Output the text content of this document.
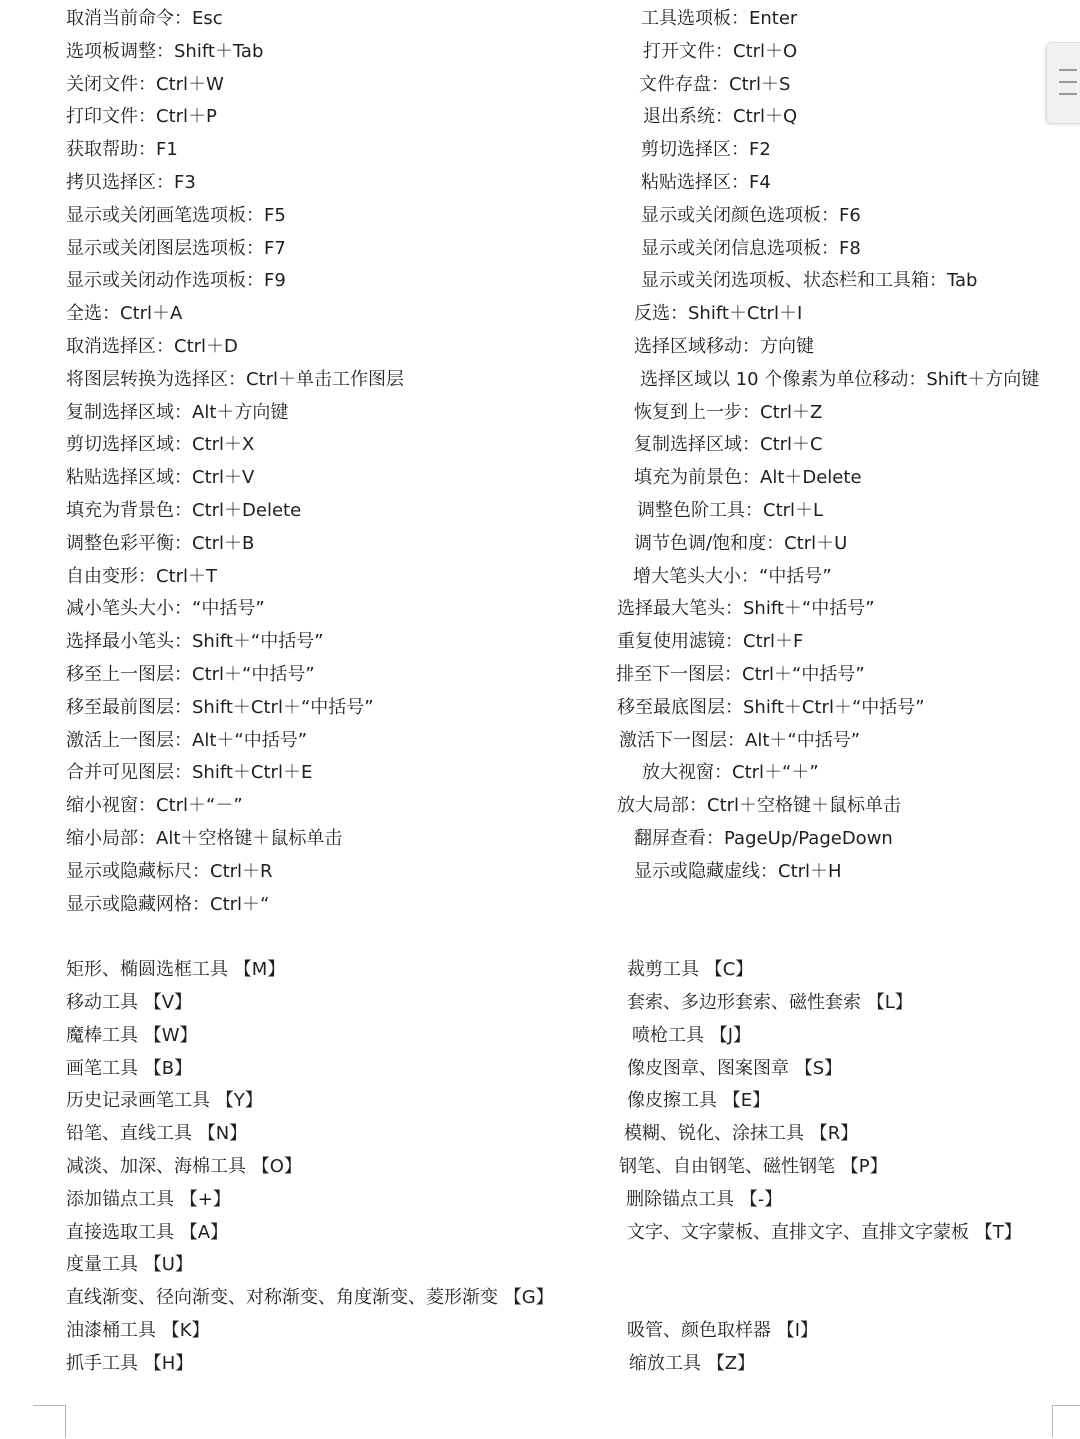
取消当前命令：Esc
选项板调整：Shift＋Tab
关闭文件：Ctrl＋W
打印文件：Ctrl＋P
获取帮助：F1
拷贝选择区：F3
显示或关闭画笔选项板：F5
显示或关闭图层选项板：F7
显示或关闭动作选项板：F9
全选：Ctrl＋A
取消选择区：Ctrl＋D
将图层转换为选择区：Ctrl＋单击工作图层
复制选择区域：Alt＋方向键
剪切选择区域：Ctrl＋X
粘贴选择区域：Ctrl＋V
填充为背景色：Ctrl＋Delete
调整色彩平衡：Ctrl＋B
自由变形：Ctrl＋T
减小笔头大小：“中括号”
选择最小笔头：Shift＋“中括号”
移至上一图层：Ctrl＋“中括号”
移至最前图层：Shift＋Ctrl＋“中括号”
激活上一图层：Alt＋“中括号”
合并可见图层：Shift＋Ctrl＋E
缩小视窗：Ctrl＋“－”
缩小局部：Alt＋空格键＋鼠标单击
显示或隐藏标尺：Ctrl＋R
显示或隐藏网格：Ctrl＋“
矩形、椭圆选框工具 【M】
移动工具 【V】
魔棒工具 【W】
画笔工具 【B】
历史记录画笔工具 【Y】
铅笔、直线工具 【N】
减淡、加深、海棉工具 【O】
添加锚点工具 【+】
直接选取工具 【A】
度量工具 【U】
直线渐变、径向渐变、对称渐变、角度渐变、菱形渐变 【G】
油漆桶工具 【K】
抓手工具 【H】
工具选项板：Enter
打开文件：Ctrl＋O
文件存盘：Ctrl＋S
退出系统：Ctrl＋Q
剪切选择区：F2
粘贴选择区：F4
显示或关闭颜色选项板：F6
显示或关闭信息选项板：F8
显示或关闭选项板、状态栏和工具箱：Tab
反选：Shift＋Ctrl＋I
选择区域移动：方向键
选择区域以 10 个像素为单位移动：Shift＋方向键
恢复到上一步：Ctrl＋Z
复制选择区域：Ctrl＋C
填充为前景色：Alt＋Delete
调整色阶工具：Ctrl＋L
调节色调/饱和度：Ctrl＋U
增大笔头大小：“中括号”
选择最大笔头：Shift＋“中括号”
重复使用滤镜：Ctrl＋F
排至下一图层：Ctrl＋“中括号”
移至最底图层：Shift＋Ctrl＋“中括号”
激活下一图层：Alt＋“中括号”
放大视窗：Ctrl＋“＋”
放大局部：Ctrl＋空格键＋鼠标单击
翻屏查看：PageUp/PageDown
显示或隐藏虚线：Ctrl＋H
裁剪工具 【C】
套索、多边形套索、磁性套索 【L】
喷枪工具 【J】
像皮图章、图案图章 【S】
像皮擦工具 【E】
模糊、锐化、涂抹工具 【R】
钢笔、自由钢笔、磁性钢笔 【P】
删除锚点工具 【-】
文字、文字蒙板、直排文字、直排文字蒙板 【T】
吸管、颜色取样器 【I】
缩放工具 【Z】
